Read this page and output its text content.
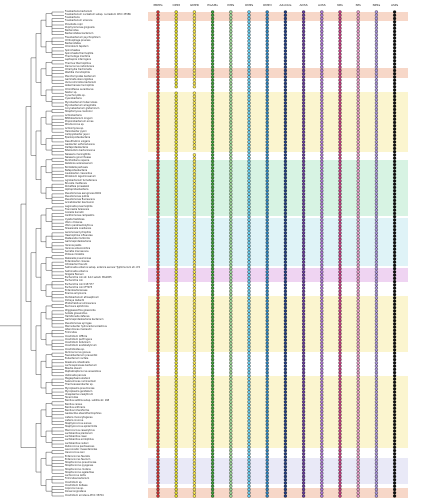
Fusobacteria bacterium
Fusobacterium nucleatum subsp. nucleatum ATCC 25586
Fusobacteria
Fusobacterium ulcerans
Prevotella copri
Porphyromonas gingivalis
Bacteroides
Bacteroidetes bacterium
Flavobacterium psychrophilum
Chitinophaga pinensis
Bacteroidetes
Chlorobium tepidum
Spirochaetes
Spirochaeta thermophila
Thermotoga maritima
Leptospira interrogans
Thermus thermophilus
Deinococcus radiodurans
Chlamydia trachomatis
Waddlia chondrophila
Planctomycetes bacterium
Gemmata obscuriglobus
Verrucomicrobia bacterium
Akkermansia muciniphila
Chloroflexus aurantiacus
Nostoc sp.
Synechocystis sp.
Cyanobacteria
Mycobacterium tuberculosis
Mycobacterium smegmatis
Corynebacterium glutamicum
Streptomyces coelicolor
Actinobacteria
Bifidobacterium longum
Propionibacterium acnes
Rhodococcus sp.
Actinomyces sp.
Helicobacter pylori
Campylobacter jejuni
Epsilonproteobacteria
Desulfovibrio vulgaris
Geobacter sulfurreducens
Deltaproteobacteria
Bdellovibrio bacteriovorus
Neisseria meningitidis
Neisseria gonorrhoeae
Burkholderia cepacia
Ralstonia solanacearum
Bordetella pertussis
Betaproteobacteria
Caulobacter crescentus
Rhizobium leguminosarum
Agrobacterium tumefaciens
Brucella melitensis
Rickettsia prowazekii
Alphaproteobacteria
Pseudomonas aeruginosa PAO1
Pseudomonas putida
Pseudomonas fluorescens
Acinetobacter baumannii
Legionella pneumophila
Francisella tularensis
Coxiella burnetii
Xanthomonas campestris
Xylella fastidiosa
Vibrio cholerae
Vibrio parahaemolyticus
Shewanella oneidensis
Aeromonas hydrophila
Haemophilus influenzae
Pasteurella multocida
Gammaproteobacteria
Yersinia pestis
Yersinia enterocolitica
Serratia marcescens
Proteus mirabilis
Klebsiella pneumoniae
Enterobacter cloacae
Citrobacter freundii
Salmonella enterica subsp. enterica serovar Typhimurium str. LT2
Salmonella enterica
Shigella flexneri
Escherichia coli str. K-12 substr. MG1655
Escherichia coli
Escherichia coli O157:H7
Escherichia coli CFT073
Enterobacteriaceae
Erwinia amylovora
Pectobacterium atrosepticum
Dickeya dadantii
Photorhabdus luminescens
Buchnera aphidicola
Wigglesworthia glossinidia
Sodalis glossinidius
Hamiltonella defensa
Gammaproteobacteria bacterium
Pseudomonas syringae
Marinobacter hydrocarbonoclasticus
Alteromonas macleodii
Firmicutes
Clostridium difficile
Clostridium perfringens
Clostridium botulinum
Clostridium acetobutylicum
Clostridioides sp.
Ruminococcus gnavus
Faecalibacterium prausnitzii
Eubacterium rectale
Roseburia intestinalis
Lachnospiraceae bacterium
Blautia obeum
Peptostreptococcus anaerobius
Veillonella parvula
Megasphaera elsdenii
Selenomonas ruminantium
Thermoanaerobacter sp.
Mycoplasma pneumoniae
Mycoplasma genitalium
Ureaplasma urealyticum
Tenericutes
Bacillus subtilis subsp. subtilis str. 168
Bacillus cereus
Bacillus anthracis
Bacillus licheniformis
Geobacillus stearothermophilus
Listeria monocytogenes
Listeria innocua
Staphylococcus aureus
Staphylococcus epidermidis
Macrococcus caseolyticus
Lactobacillus plantarum
Lactobacillus casei
Lactobacillus acidophilus
Lactobacillus reuteri
Pediococcus pentosaceus
Leuconostoc mesenteroides
Oenococcus oeni
Enterococcus faecalis
Enterococcus faecium
Streptococcus pneumoniae
Streptococcus pyogenes
Streptococcus mutans
Streptococcus agalactiae
Lactococcus lactis
Firmicutes bacterium
Clostridium sp.
Clostridium bolteae
Coprococcus sp.
Dorea longicatena
Clostridium scindens ATCC 35704
PRPPs	OPRt	GMPR	PGAMs	IMPs	OMPs	OMPd	AdoCbls	ADSS	AdSS	NPs	NTs	NPKs	ASPs
